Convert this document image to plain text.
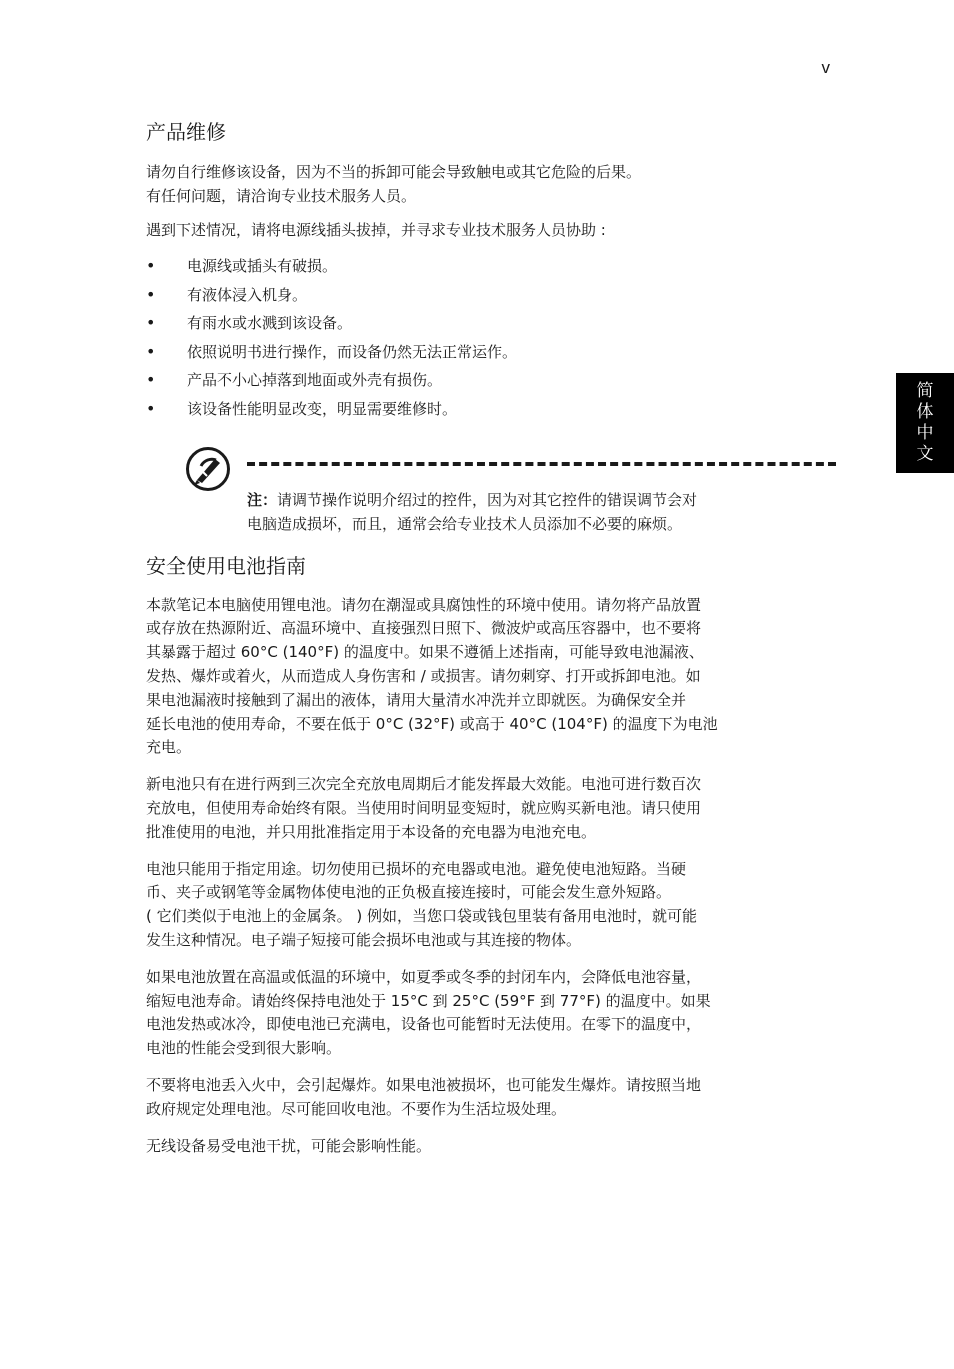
v
简
体
中
文
产品维修

请勿自行维修该设备，因为不当的拆卸可能会导致触电或其它危险的后果。
有任何问题，请洽询专业技术服务人员。

遇到下述情况，请将电源线插头拔掉，并寻求专业技术服务人员协助 :

• 电源线或插头有破损。
• 有液体浸入机身。
• 有雨水或水溅到该设备。
• 依照说明书进行操作，而设备仍然无法正常运作。
• 产品不小心掉落到地面或外壳有损伤。
• 该设备性能明显改变，明显需要维修时。
注：请调节操作说明介绍过的控件，因为对其它控件的错误调节会对
电脑造成损坏，而且，通常会给专业技术人员添加不必要的麻烦。
安全使用电池指南

本款笔记本电脑使用锂电池。请勿在潮湿或具腐蚀性的环境中使用。请勿将产品放置
或存放在热源附近、高温环境中、直接强烈日照下、微波炉或高压容器中，也不要将
其暴露于超过 60°C (140°F) 的温度中。如果不遵循上述指南，可能导致电池漏液、
发热、爆炸或着火，从而造成人身伤害和 / 或损害。请勿刺穿、打开或拆卸电池。如
果电池漏液时接触到了漏出的液体，请用大量清水冲洗并立即就医。为确保安全并
延长电池的使用寿命，不要在低于 0°C (32°F) 或高于 40°C (104°F) 的温度下为电池
充电。

新电池只有在进行两到三次完全充放电周期后才能发挥最大效能。电池可进行数百次
充放电，但使用寿命始终有限。当使用时间明显变短时，就应购买新电池。请只使用
批准使用的电池，并只用批准指定用于本设备的充电器为电池充电。

电池只能用于指定用途。切勿使用已损坏的充电器或电池。避免使电池短路。当硬
币、夹子或钢笔等金属物体使电池的正负极直接连接时，可能会发生意外短路。
( 它们类似于电池上的金属条。 ) 例如，当您口袋或钱包里装有备用电池时，就可能
发生这种情况。电子端子短接可能会损坏电池或与其连接的物体。

如果电池放置在高温或低温的环境中，如夏季或冬季的封闭车内，会降低电池容量，
缩短电池寿命。请始终保持电池处于 15°C 到 25°C (59°F 到 77°F) 的温度中。如果
电池发热或冰冷，即使电池已充满电，设备也可能暂时无法使用。在零下的温度中，
电池的性能会受到很大影响。

不要将电池丢入火中，会引起爆炸。如果电池被损坏，也可能发生爆炸。请按照当地
政府规定处理电池。尽可能回收电池。不要作为生活垃圾处理。

无线设备易受电池干扰，可能会影响性能。
